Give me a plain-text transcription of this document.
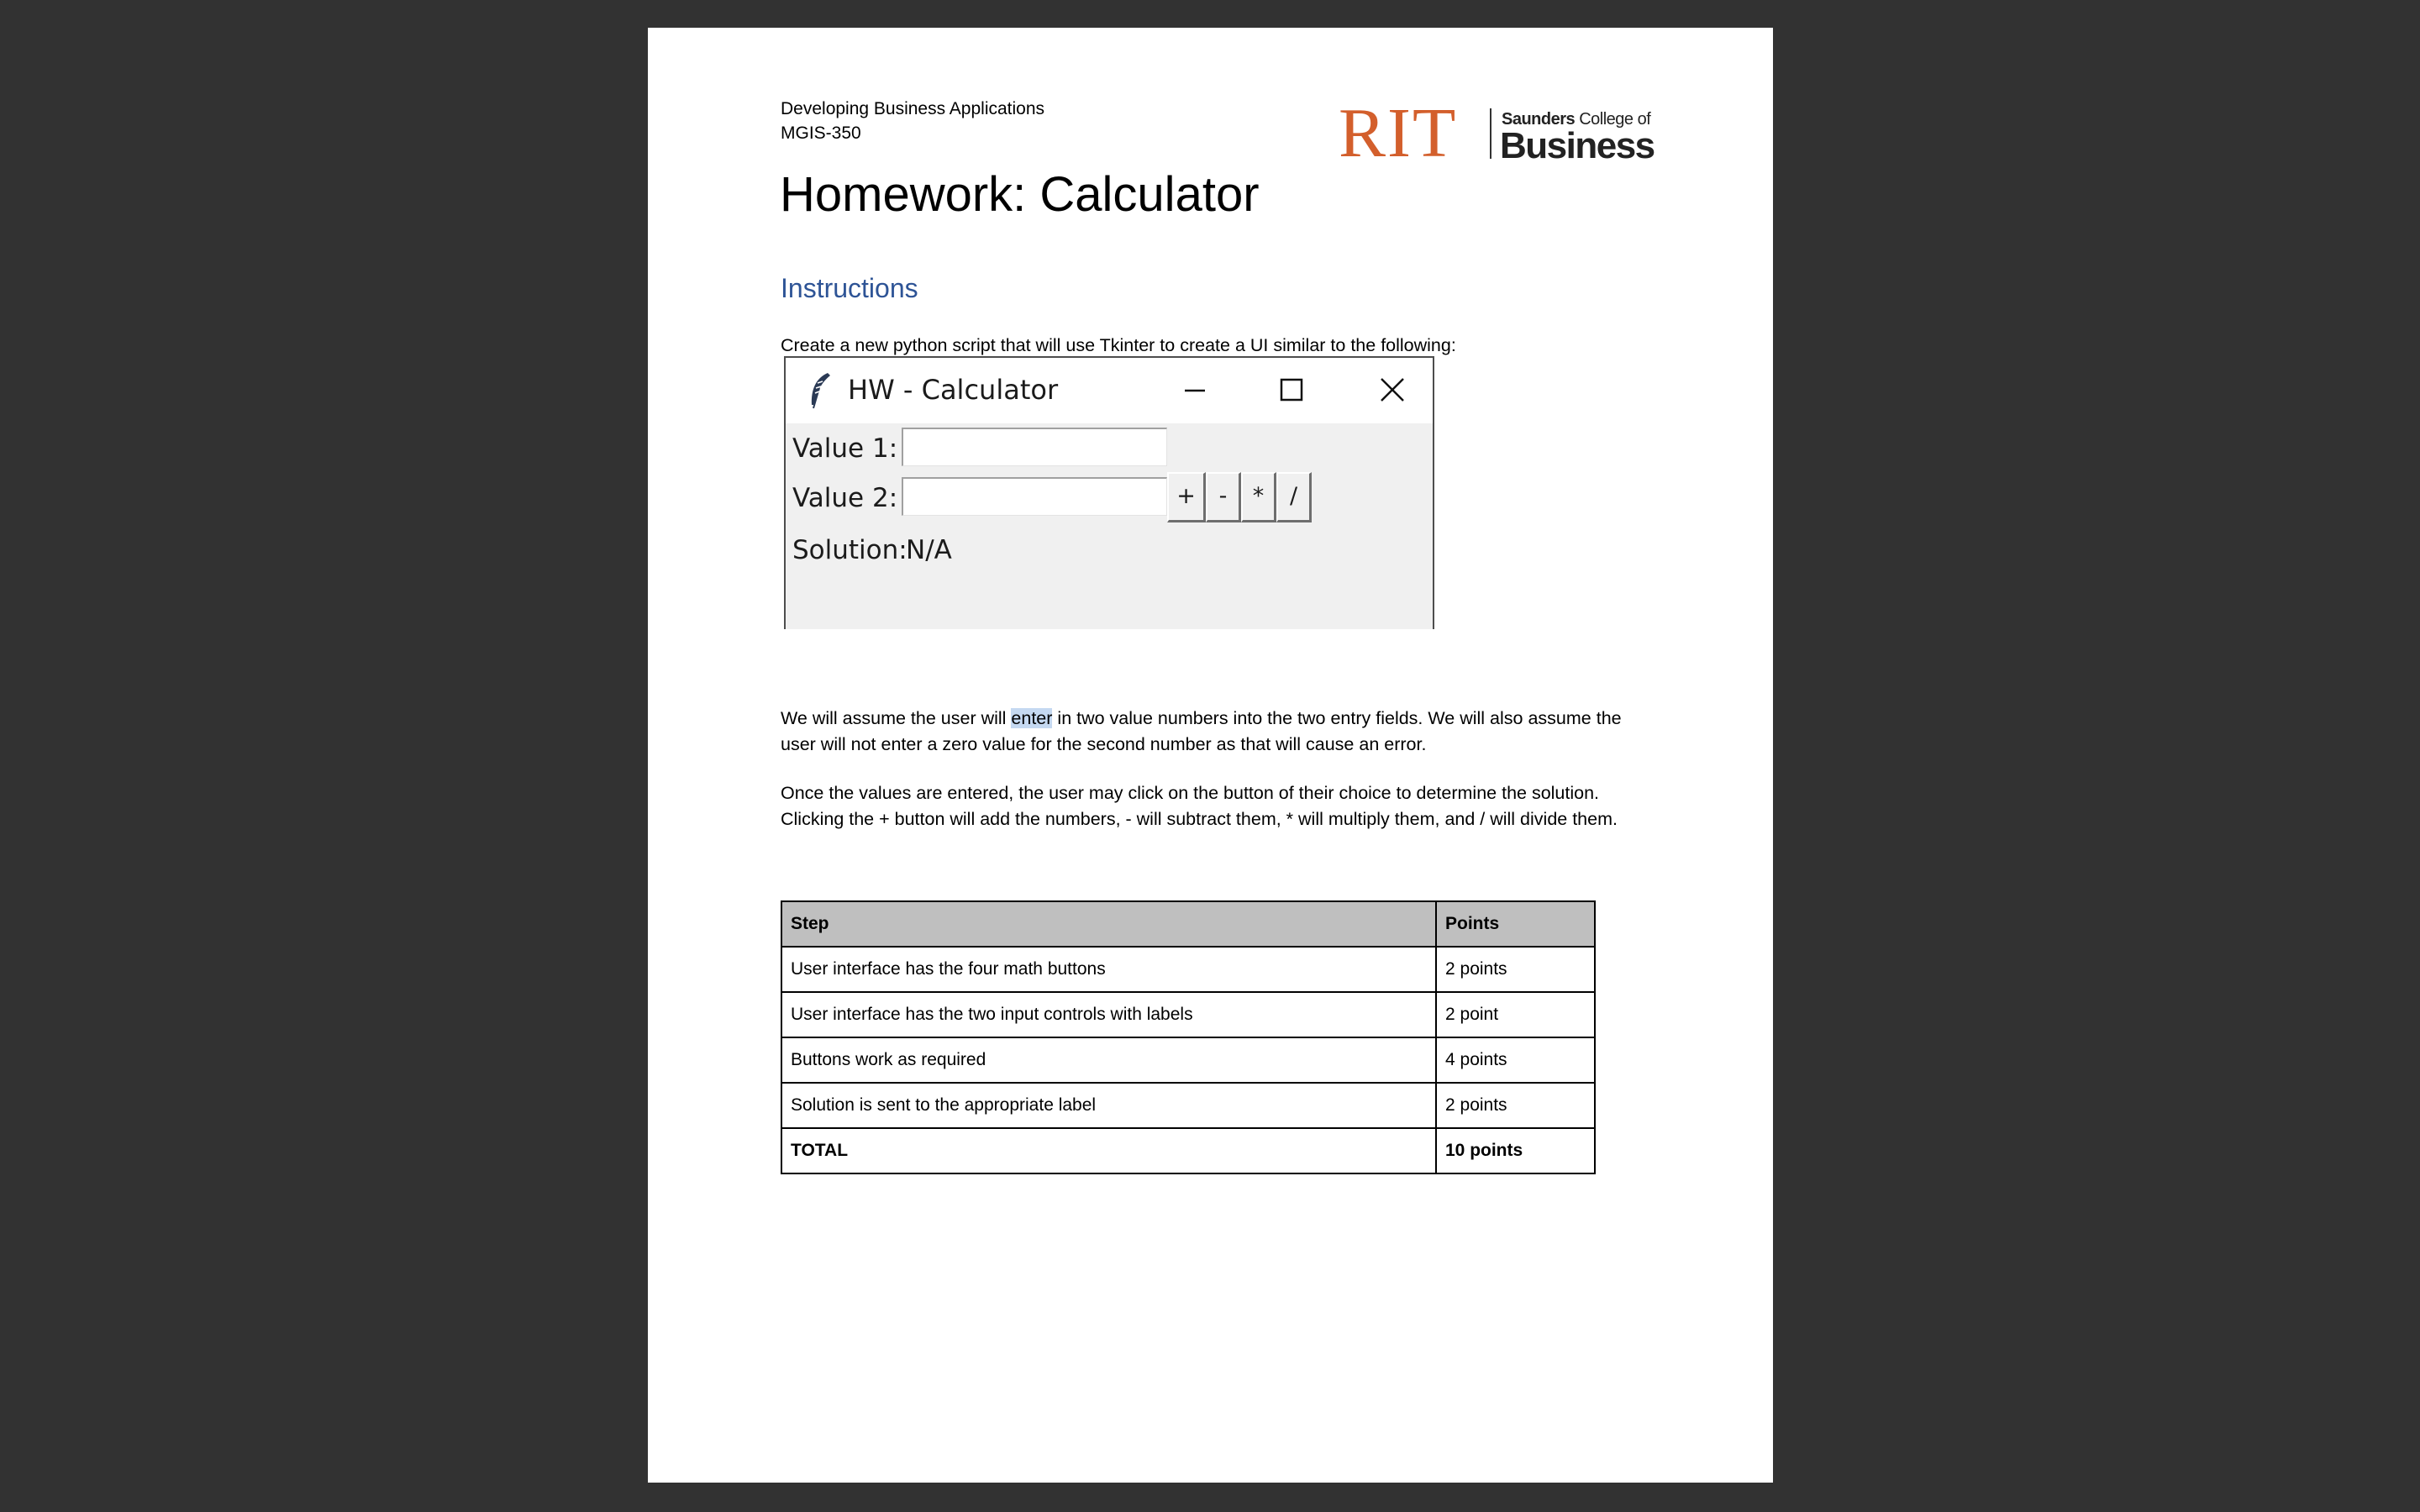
Developing Business Applications
MGIS-350	RIT	Saunders College of
Business
Homework: Calculator
Instructions

Create a new python script that will use Tkinter to create a UI similar to the following:

HW - Calculator
Value 1:
Value 2:	+	-	*	/
Solution:
N/A

We will assume the user will enter in two value numbers into the two entry fields. We will also assume the user will not enter a zero value for the second number as that will cause an error.

Once the values are entered, the user may click on the button of their choice to determine the solution. Clicking the + button will add the numbers, - will subtract them, * will multiply them, and / will divide them.

Step	Points
User interface has the four math buttons	2 points
User interface has the two input controls with labels	2 point
Buttons work as required	4 points
Solution is sent to the appropriate label	2 points
TOTAL	10 points
